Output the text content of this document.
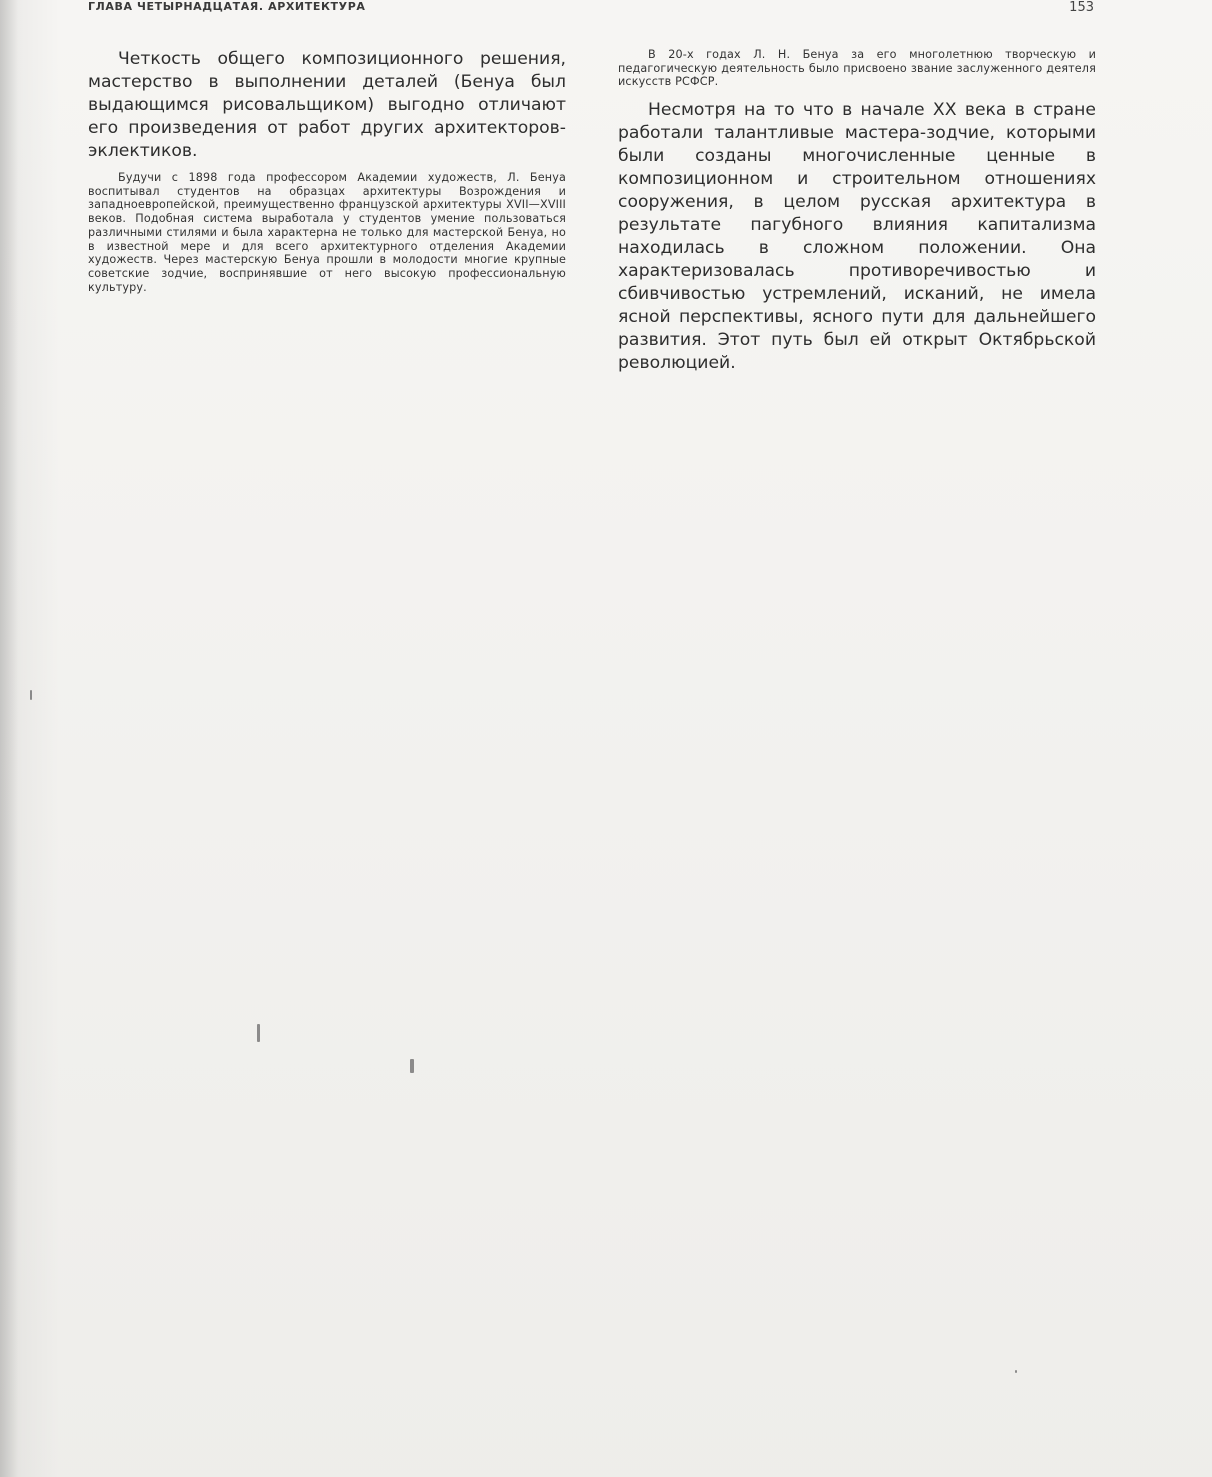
ГЛАВА ЧЕТЫРНАДЦАТАЯ. АРХИТЕКТУРА	153

Четкость общего композиционного решения, мастерство в выполнении деталей (Бенуа был выдающимся рисовальщиком) выгодно отличают его произведения от работ других архитекторов-эклектиков.

Будучи с 1898 года профессором Академии художеств, Л. Бенуа воспитывал студентов на образцах архитектуры Возрождения и западноевропейской, преимущественно французской архитектуры XVII—XVIII веков. Подобная система выработала у студентов умение пользоваться различными стилями и была характерна не только для мастерской Бенуа, но в известной мере и для всего архитектурного отделения Академии художеств. Через мастерскую Бенуа прошли в молодости многие крупные советские зодчие, воспринявшие от него высокую профессиональную культуру.

В 20-х годах Л. Н. Бенуа за его многолетнюю творческую и педагогическую деятельность было присвоено звание заслуженного деятеля искусств РСФСР.

Несмотря на то что в начале XX века в стране работали талантливые мастера-зодчие, которыми были созданы многочисленные ценные в композиционном и строительном отношениях сооружения, в целом русская архитектура в результате пагубного влияния капитализма находилась в сложном положении. Она характеризовалась противоречивостью и сбивчивостью устремлений, исканий, не имела ясной перспективы, ясного пути для дальнейшего развития. Этот путь был ей открыт Октябрьской революцией.
